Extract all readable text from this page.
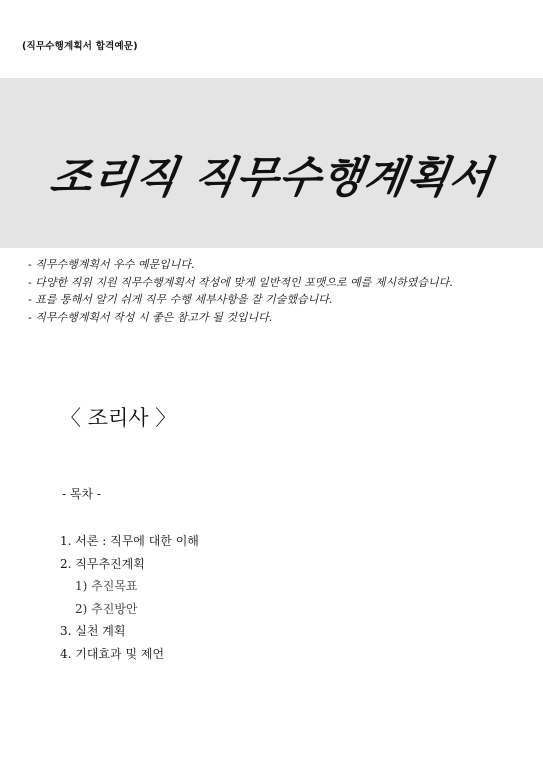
(직무수행계획서 합격예문)
조리직 직무수행계획서
- 직무수행계획서 우수 예문입니다.
- 다양한 직위 지원 직무수행계획서 작성에 맞게 일반적인 포맷으로 예를 제시하였습니다.
- 표를 통해서 알기 쉬게 직무 수행 세부사항을 잘 기술했습니다.
- 직무수행계획서 작성 시 좋은 참고가 될 것입니다.
〈 조리사 〉
- 목차 -
1. 서론 : 직무에 대한 이해
2. 직무추진계획
1) 추진목표
2) 추진방안
3. 실천 계획
4. 기대효과 및 제언
